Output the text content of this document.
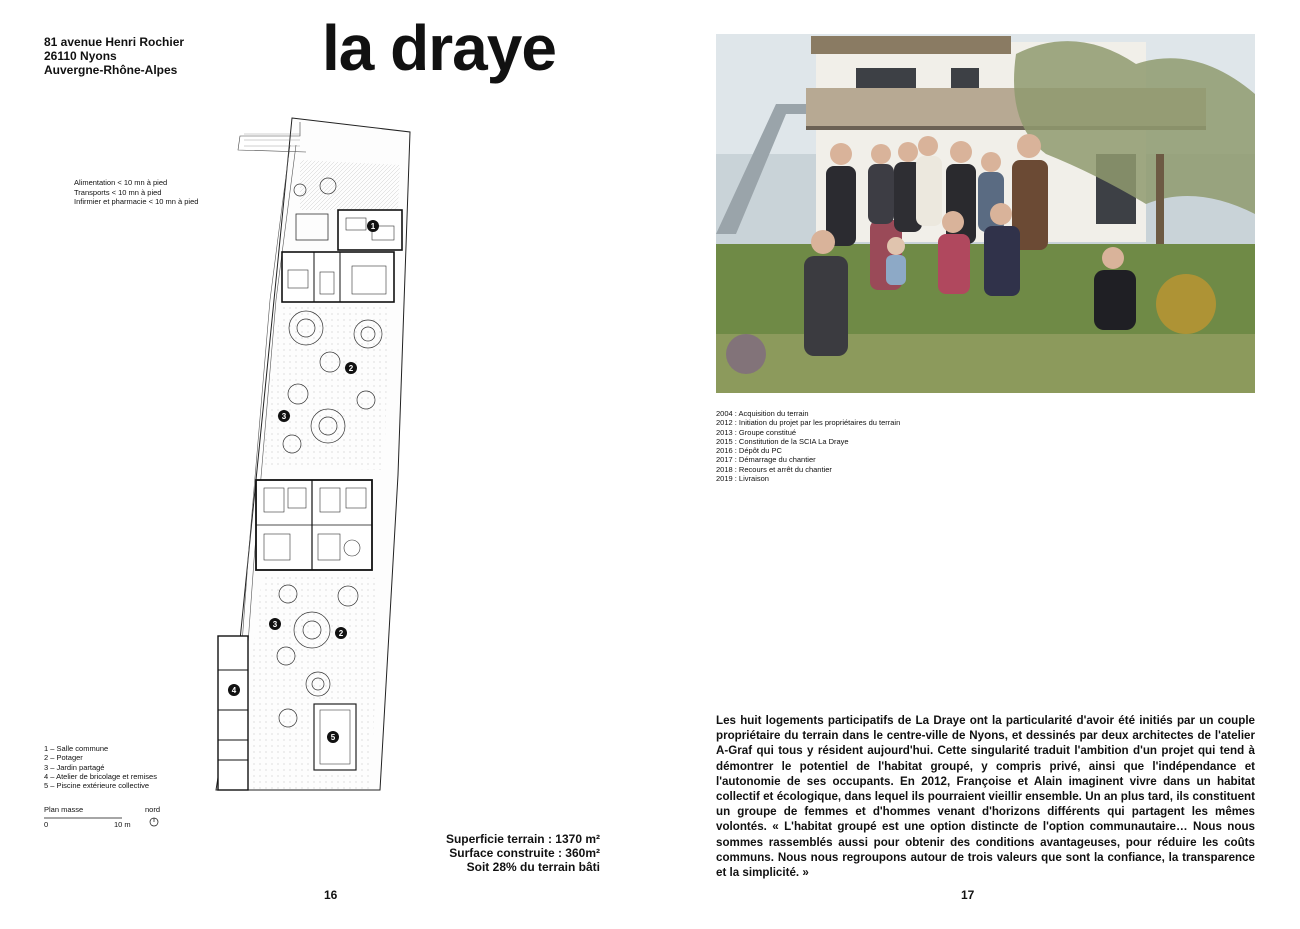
81 avenue Henri Rochier
26110 Nyons
Auvergne-Rhône-Alpes la draye
Alimentation < 10 mn à pied
Transports < 10 mn à pied
Infirmier et pharmacie < 10 mn à pied
1
2
3
2
3
4
5
1 – Salle commune
2 – Potager
3 – Jardin partagé
4 – Atelier de bricolage et remises
5 – Piscine extérieure collective
Plan masse	nord
0	10 m
Superficie terrain : 1370 m²
Surface construite : 360m²
Soit 28% du terrain bâti
16
2004 : Acquisition du terrain
2012 : Initiation du projet par les propriétaires du terrain
2013 : Groupe constitué
2015 : Constitution de la SCIA La Draye
2016 : Dépôt du PC
2017 : Démarrage du chantier
2018 : Recours et arrêt du chantier
2019 : Livraison
Les huit logements participatifs de La Draye ont la particularité d'avoir été initiés par un couple propriétaire du terrain dans le centre-ville de Nyons, et dessinés par deux architectes de l'atelier A-Graf qui tous y résident aujourd'hui. Cette singularité traduit l'ambition d'un projet qui tend à démontrer le potentiel de l'habitat groupé, y compris privé, ainsi que l'indépendance et l'autonomie de ses occupants. En 2012, Françoise et Alain imaginent vivre dans un habitat collectif et écologique, dans lequel ils pourraient vieillir ensemble. Un an plus tard, ils constituent un groupe de femmes et d'hommes venant d'horizons différents qui partagent les mêmes volontés. « L'habitat groupé est une option distincte de l'option communautaire… Nous nous sommes rassemblés aussi pour obtenir des conditions avantageuses, pour réduire les coûts communs. Nous nous regroupons autour de trois valeurs que sont la confiance, la transparence et la simplicité. »
17
